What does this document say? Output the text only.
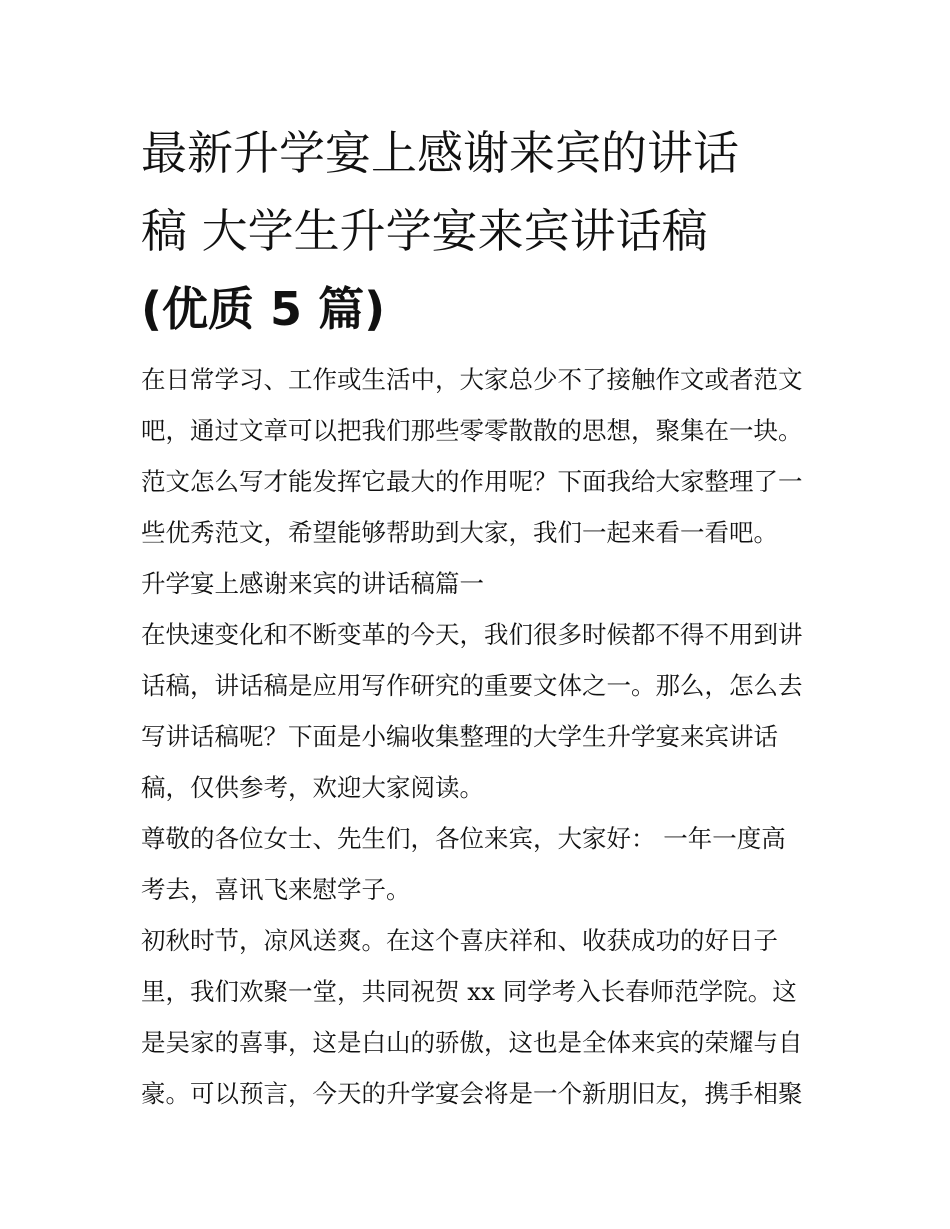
最新升学宴上感谢来宾的讲话
稿 大学生升学宴来宾讲话稿
(优质 5 篇)

在日常学习、工作或生活中，大家总少不了接触作文或者范文
吧，通过文章可以把我们那些零零散散的思想，聚集在一块。
范文怎么写才能发挥它最大的作用呢？下面我给大家整理了一
些优秀范文，希望能够帮助到大家，我们一起来看一看吧。

升学宴上感谢来宾的讲话稿篇一

在快速变化和不断变革的今天，我们很多时候都不得不用到讲
话稿，讲话稿是应用写作研究的重要文体之一。那么，怎么去
写讲话稿呢？下面是小编收集整理的大学生升学宴来宾讲话
稿，仅供参考，欢迎大家阅读。

尊敬的各位女士、先生们，各位来宾，大家好： 一年一度高
考去，喜讯飞来慰学子。

初秋时节，凉风送爽。在这个喜庆祥和、收获成功的好日子
里，我们欢聚一堂，共同祝贺 xx 同学考入长春师范学院。这
是吴家的喜事，这是白山的骄傲，这也是全体来宾的荣耀与自
豪。可以预言，今天的升学宴会将是一个新朋旧友，携手相聚
